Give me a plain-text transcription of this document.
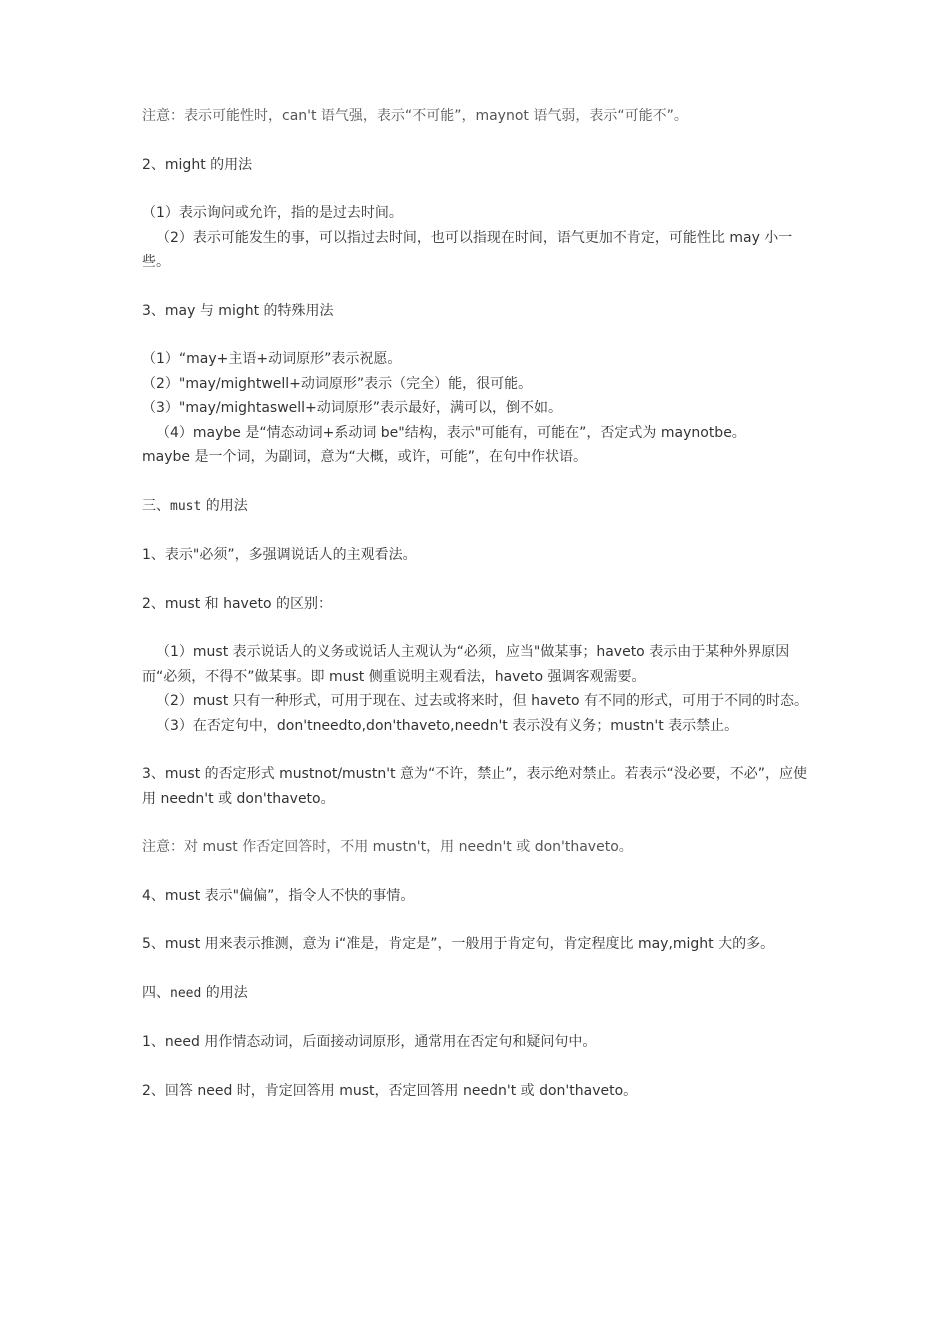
注意：表示可能性时，can't 语气强，表示“不可能”，maynot 语气弱，表示“可能不”。

2、might 的用法

（1）表示询问或允许，指的是过去时间。

（2）表示可能发生的事，可以指过去时间，也可以指现在时间，语气更加不肯定，可能性比 may 小一些。

3、may 与 might 的特殊用法

（1）“may+主语+动词原形”表示祝愿。

（2）"may/mightwell+动词原形”表示（完全）能，很可能。

（3）"may/mightaswell+动词原形”表示最好，满可以，倒不如。

（4）maybe 是“情态动词+系动词 be"结构，表示"可能有，可能在”，否定式为 maynotbe。

maybe 是一个词，为副词，意为“大概，或许，可能”，在句中作状语。

三、must 的用法

1、表示"必须”，多强调说话人的主观看法。

2、must 和 haveto 的区别：

（1）must 表示说话人的义务或说话人主观认为“必须，应当"做某事；haveto 表示由于某种外界原因而“必须，不得不”做某事。即 must 侧重说明主观看法，haveto 强调客观需要。

（2）must 只有一种形式，可用于现在、过去或将来时，但 haveto 有不同的形式，可用于不同的时态。

（3）在否定句中，don'tneedto,don'thaveto,needn't 表示没有义务；mustn't 表示禁止。

3、must 的否定形式 mustnot/mustn't 意为“不许，禁止”，表示绝对禁止。若表示“没必要，不必”，应使用 needn't 或 don'thaveto。

注意：对 must 作否定回答时，不用 mustn't，用 needn't 或 don'thaveto。

4、must 表示"偏偏”，指令人不快的事情。

5、must 用来表示推测，意为 i“准是，肯定是”，一般用于肯定句，肯定程度比 may,might 大的多。

四、need 的用法

1、need 用作情态动词，后面接动词原形，通常用在否定句和疑问句中。

2、回答 need 时，肯定回答用 must，否定回答用 needn't 或 don'thaveto。
